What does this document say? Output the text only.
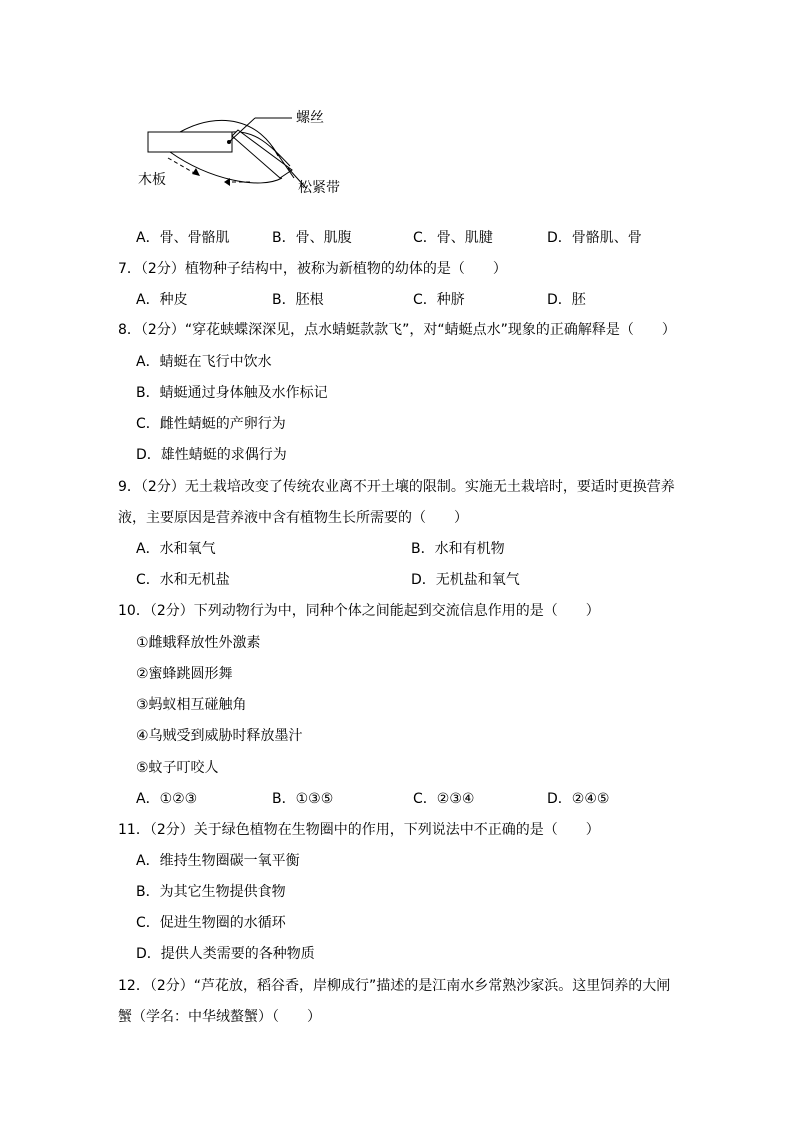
螺丝
木板	松紧带
A．骨、骨骼肌	B．骨、肌腹	C．骨、肌腱	D．骨骼肌、骨
7．（2分）植物种子结构中，被称为新植物的幼体的是（　　）
A．种皮	B．胚根	C．种脐	D．胚
8．（2分）“穿花蛱蝶深深见，点水蜻蜓款款飞”，对“蜻蜓点水”现象的正确解释是（　　）
A．蜻蜓在飞行中饮水
B．蜻蜓通过身体触及水作标记
C．雌性蜻蜓的产卵行为
D．雄性蜻蜓的求偶行为
9．（2分）无土栽培改变了传统农业离不开土壤的限制。实施无土栽培时，要适时更换营养
液，主要原因是营养液中含有植物生长所需要的（　　）
A．水和氧气	B．水和有机物
C．水和无机盐	D．无机盐和氧气
10．（2分）下列动物行为中，同种个体之间能起到交流信息作用的是（　　）
①雌蛾释放性外激素
②蜜蜂跳圆形舞
③蚂蚁相互碰触角
④乌贼受到威胁时释放墨汁
⑤蚊子叮咬人
A．①②③	B．①③⑤	C．②③④	D．②④⑤
11．（2分）关于绿色植物在生物圈中的作用，下列说法中不正确的是（　　）
A．维持生物圈碳一氧平衡
B．为其它生物提供食物
C．促进生物圈的水循环
D．提供人类需要的各种物质
12．（2分）“芦花放，稻谷香，岸柳成行”描述的是江南水乡常熟沙家浜。这里饲养的大闸
蟹（学名：中华绒螯蟹）（　　）
